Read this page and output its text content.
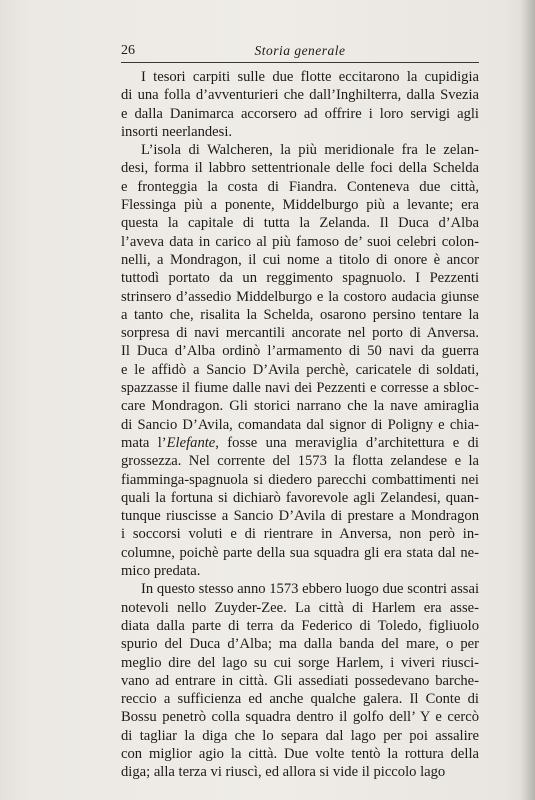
26	Storia generale
I tesori carpiti sulle due flotte eccitarono la cupidigia
di una folla d’avventurieri che dall’Inghilterra, dalla Svezia
e dalla Danimarca accorsero ad offrire i loro servigi agli
insorti neerlandesi.
L’isola di Walcheren, la più meridionale fra le zelan-
desi, forma il labbro settentrionale delle foci della Schelda
e fronteggia la costa di Fiandra. Conteneva due città,
Flessinga più a ponente, Middelburgo più a levante; era
questa la capitale di tutta la Zelanda. Il Duca d’Alba
l’aveva data in carico al più famoso de’ suoi celebri colon-
nelli, a Mondragon, il cui nome a titolo di onore è ancor
tuttodì portato da un reggimento spagnuolo. I Pezzenti
strinsero d’assedio Middelburgo e la costoro audacia giunse
a tanto che, risalita la Schelda, osarono persino tentare la
sorpresa di navi mercantili ancorate nel porto di Anversa.
Il Duca d’Alba ordinò l’armamento di 50 navi da guerra
e le affidò a Sancio D’Avila perchè, caricatele di soldati,
spazzasse il fiume dalle navi dei Pezzenti e corresse a sbloc-
care Mondragon. Gli storici narrano che la nave amiraglia
di Sancio D’Avila, comandata dal signor di Poligny e chia-
mata l’Elefante, fosse una meraviglia d’architettura e di
grossezza. Nel corrente del 1573 la flotta zelandese e la
fiamminga-spagnuola si diedero parecchi combattimenti nei
quali la fortuna si dichiarò favorevole agli Zelandesi, quan-
tunque riuscisse a Sancio D’Avila di prestare a Mondragon
i soccorsi voluti e di rientrare in Anversa, non però in-
columne, poichè parte della sua squadra gli era stata dal ne-
mico predata.
In questo stesso anno 1573 ebbero luogo due scontri assai
notevoli nello Zuyder-Zee. La città di Harlem era asse-
diata dalla parte di terra da Federico di Toledo, figliuolo
spurio del Duca d’Alba; ma dalla banda del mare, o per
meglio dire del lago su cui sorge Harlem, i viveri riusci-
vano ad entrare in città. Gli assediati possedevano barche-
reccio a sufficienza ed anche qualche galera. Il Conte di
Bossu penetrò colla squadra dentro il golfo dell’ Y e cercò
di tagliar la diga che lo separa dal lago per poi assalire
con miglior agio la città. Due volte tentò la rottura della
diga; alla terza vi riuscì, ed allora si vide il piccolo lago
